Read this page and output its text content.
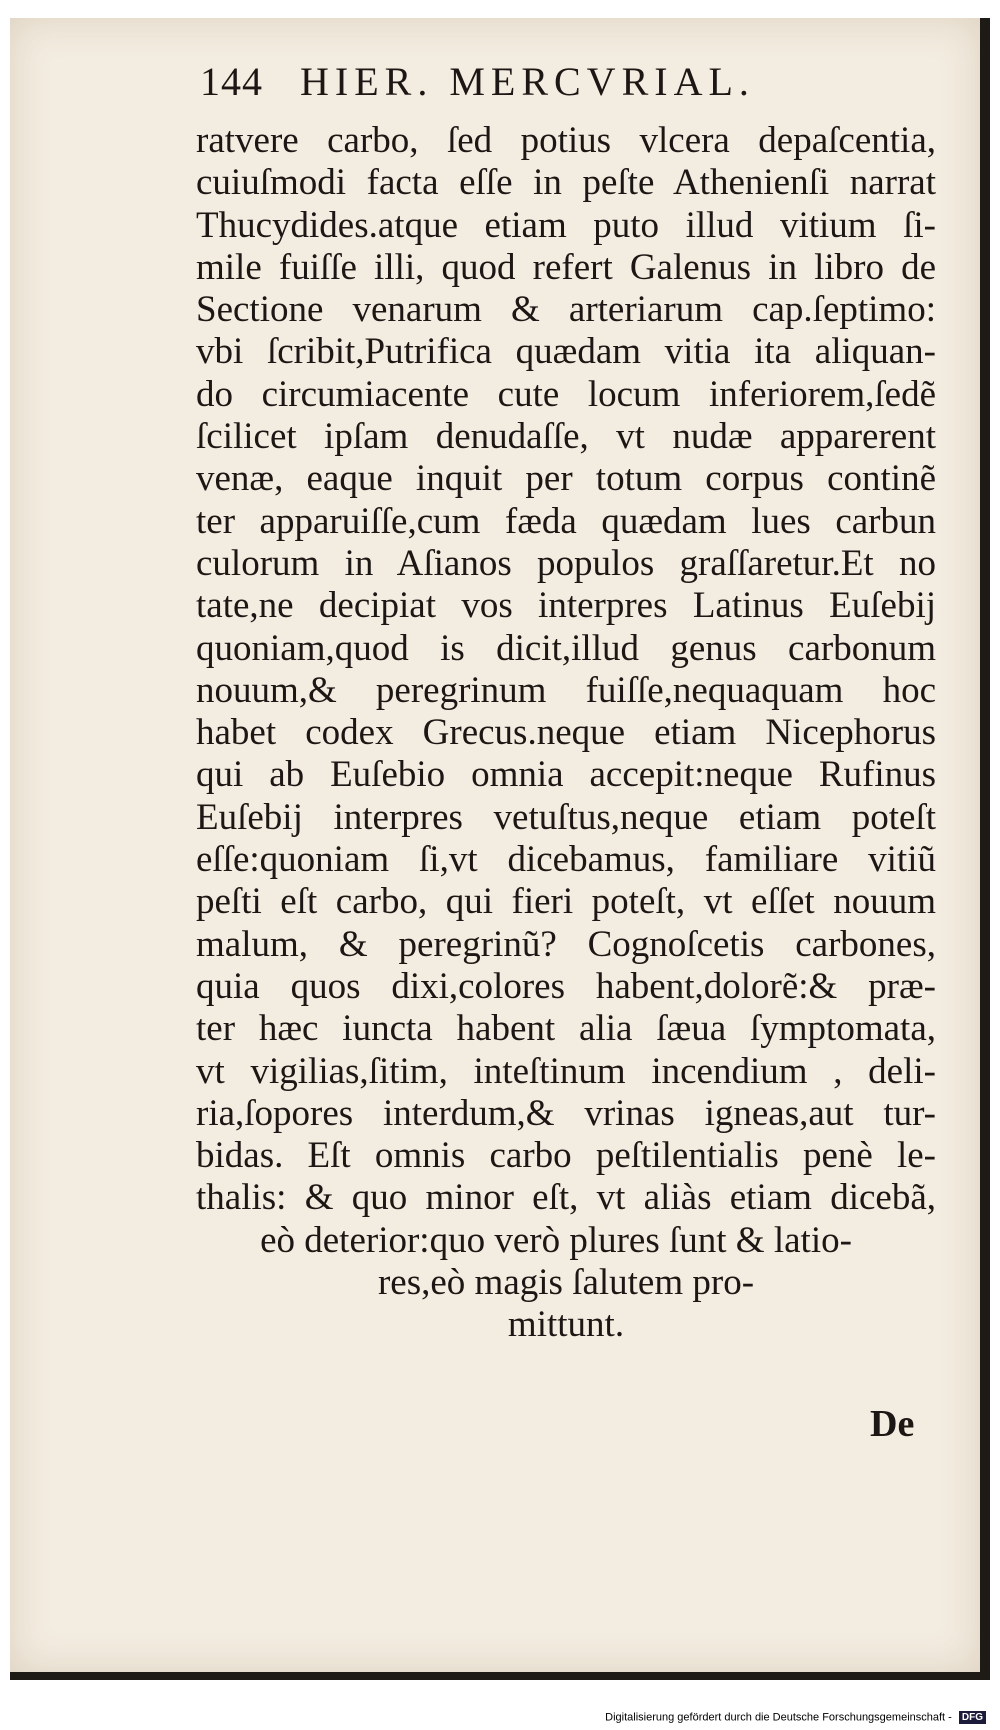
144 HIER. MERCVRIAL.
ratvere carbo, ſed potius vlcera depaſcentia,
cuiuſmodi facta eſſe in peſte Athenienſi narrat
Thucydides.atque etiam puto illud vitium ſi-
mile fuiſſe illi, quod refert Galenus in libro de
Sectione venarum & arteriarum cap.ſeptimo:
vbi ſcribit,Putrifica quædam vitia ita aliquan-
do circumiacente cute locum inferiorem,ſedẽ
ſcilicet ipſam denudaſſe, vt nudæ apparerent
venæ, eaque inquit per totum corpus continẽ
ter apparuiſſe,cum fæda quædam lues carbun
culorum in Aſianos populos graſſaretur.Et no
tate,ne decipiat vos interpres Latinus Euſebij
quoniam,quod is dicit,illud genus carbonum
nouum,& peregrinum fuiſſe,nequaquam hoc
habet codex Grecus.neque etiam Nicephorus
qui ab Euſebio omnia accepit:neque Rufinus
Euſebij interpres vetuſtus,neque etiam poteſt
eſſe:quoniam ſi,vt dicebamus, familiare vitiũ
peſti eſt carbo, qui fieri poteſt, vt eſſet nouum
malum, & peregrinũ? Cognoſcetis carbones,
quia quos dixi,colores habent,dolorẽ:& præ-
ter hæc iuncta habent alia ſæua ſymptomata,
vt vigilias,ſitim, inteſtinum incendium , deli-
ria,ſopores interdum,& vrinas igneas,aut tur-
bidas. Eſt omnis carbo peſtilentialis penè le-
thalis: & quo minor eſt, vt aliàs etiam dicebã,
eò deterior:quo verò plures ſunt & latio-
res,eò magis ſalutem pro-
mittunt.
De
Digitalisierung gefördert durch die Deutsche Forschungsgemeinschaft - DFG
